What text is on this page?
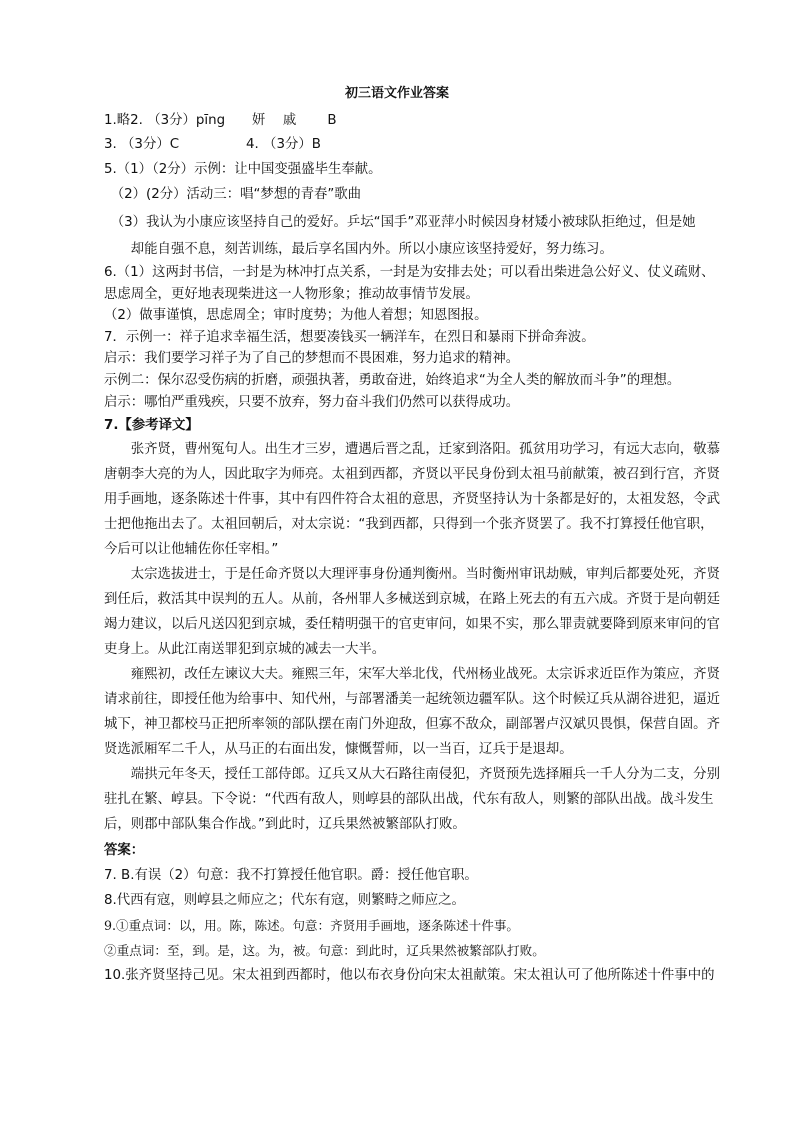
初三语文作业答案
1.略2. （3分）pīng　　妍　 戚　　 B
3. （3分）C　　　　　4. （3分）B
5.（1）（2分）示例：让中国变强盛毕生奉献。
　（2）(2分）活动三：唱“梦想的青春”歌曲
　（3）我认为小康应该坚持自己的爱好。乒坛“国手”邓亚萍小时候因身材矮小被球队拒绝过，但是她
　　却能自强不息，刻苦训练，最后享名国内外。所以小康应该坚持爱好，努力练习。
6.（1）这两封书信，一封是为林冲打点关系，一封是为安排去处；可以看出柴进急公好义、仗义疏财、
思虑周全，更好地表现柴进这一人物形象；推动故事情节发展。
（2）做事谨慎，思虑周全；审时度势；为他人着想；知恩图报。
7．示例一：祥子追求幸福生活，想要凑钱买一辆洋车，在烈日和暴雨下拼命奔波。
启示：我们要学习祥子为了自己的梦想而不畏困难，努力追求的精神。
示例二：保尔忍受伤病的折磨，顽强执著，勇敢奋进，始终追求“为全人类的解放而斗争”的理想。
启示：哪怕严重残疾，只要不放弃，努力奋斗我们仍然可以获得成功。
7.【参考译文】
　　张齐贤，曹州冤句人。出生才三岁，遭遇后晋之乱，迁家到洛阳。孤贫用功学习，有远大志向，敬慕
唐朝李大亮的为人，因此取字为师亮。太祖到西都，齐贤以平民身份到太祖马前献策，被召到行宫，齐贤
用手画地，逐条陈述十件事，其中有四件符合太祖的意思，齐贤坚持认为十条都是好的，太祖发怒，令武
士把他拖出去了。太祖回朝后，对太宗说：“我到西都，只得到一个张齐贤罢了。我不打算授任他官职，
今后可以让他辅佐你任宰相。”
　　太宗选拔进士，于是任命齐贤以大理评事身份通判衡州。当时衡州审讯劫贼，审判后都要处死，齐贤
到任后，救活其中误判的五人。从前，各州罪人多械送到京城，在路上死去的有五六成。齐贤于是向朝廷
竭力建议，以后凡送囚犯到京城，委任精明强干的官吏审问，如果不实，那么罪责就要降到原来审问的官
吏身上。从此江南送罪犯到京城的减去一大半。
　　雍熙初，改任左谏议大夫。雍熙三年，宋军大举北伐，代州杨业战死。太宗诉求近臣作为策应，齐贤
请求前往，即授任他为给事中、知代州，与部署潘美一起统领边疆军队。这个时候辽兵从湖谷进犯，逼近
城下，神卫都校马正把所率领的部队摆在南门外迎敌，但寡不敌众，副部署卢汉斌贝畏惧，保营自固。齐
贤选派厢军二千人，从马正的右面出发，慷慨誓师，以一当百，辽兵于是退却。
　　端拱元年冬天，授任工部侍郎。辽兵又从大石路往南侵犯，齐贤预先选择厢兵一千人分为二支，分别
驻扎在繁、崞县。下令说：“代西有敌人，则崞县的部队出战，代东有敌人，则繁的部队出战。战斗发生
后，则郡中部队集合作战。”到此时，辽兵果然被繁部队打败。
答案：
7. B.有误（2）句意：我不打算授任他官职。爵：授任他官职。
8.代西有寇，则崞县之师应之；代东有寇，则繁畤之师应之。
9.①重点词：以，用。陈，陈述。句意：齐贤用手画地，逐条陈述十件事。
②重点词：至，到。是，这。为，被。句意：到此时，辽兵果然被繁部队打败。
10.张齐贤坚持己见。宋太祖到西都时，他以布衣身份向宋太祖献策。宋太祖认可了他所陈述十件事中的
